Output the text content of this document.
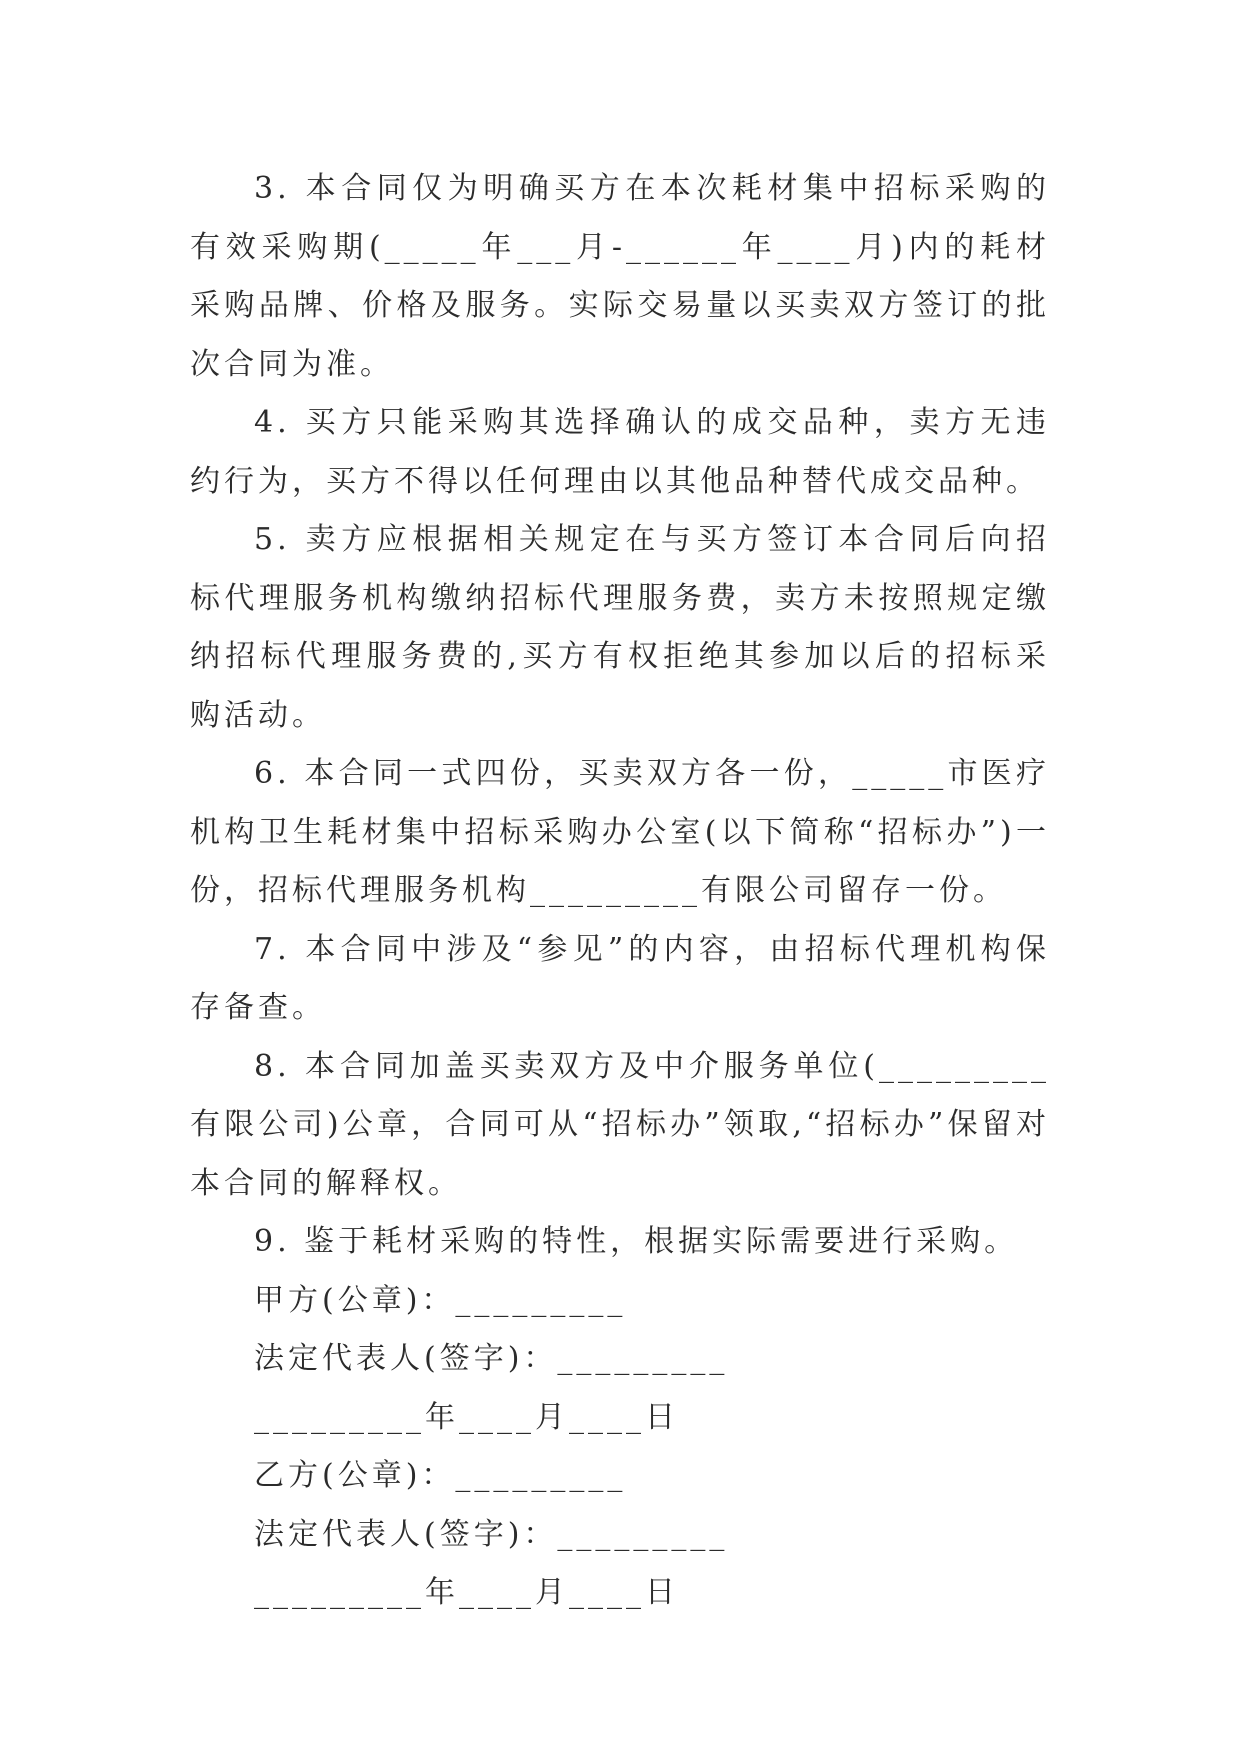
3. 本合同仅为明确买方在本次耗材集中招标采购的有效采购期(_____年___月-______年____月)内的耗材采购品牌、价格及服务。实际交易量以买卖双方签订的批次合同为准。

4. 买方只能采购其选择确认的成交品种，卖方无违约行为，买方不得以任何理由以其他品种替代成交品种。

5. 卖方应根据相关规定在与买方签订本合同后向招标代理服务机构缴纳招标代理服务费，卖方未按照规定缴纳招标代理服务费的,买方有权拒绝其参加以后的招标采购活动。

6. 本合同一式四份，买卖双方各一份，_____市医疗机构卫生耗材集中招标采购办公室(以下简称“招标办”)一份，招标代理服务机构_________有限公司留存一份。

7. 本合同中涉及“参见”的内容，由招标代理机构保存备查。

8. 本合同加盖买卖双方及中介服务单位(_________有限公司)公章，合同可从“招标办”领取,“招标办”保留对本合同的解释权。

9. 鉴于耗材采购的特性，根据实际需要进行采购。

甲方(公章)：_________

法定代表人(签字)：_________

_________年____月____日

乙方(公章)：_________

法定代表人(签字)：_________

_________年____月____日
